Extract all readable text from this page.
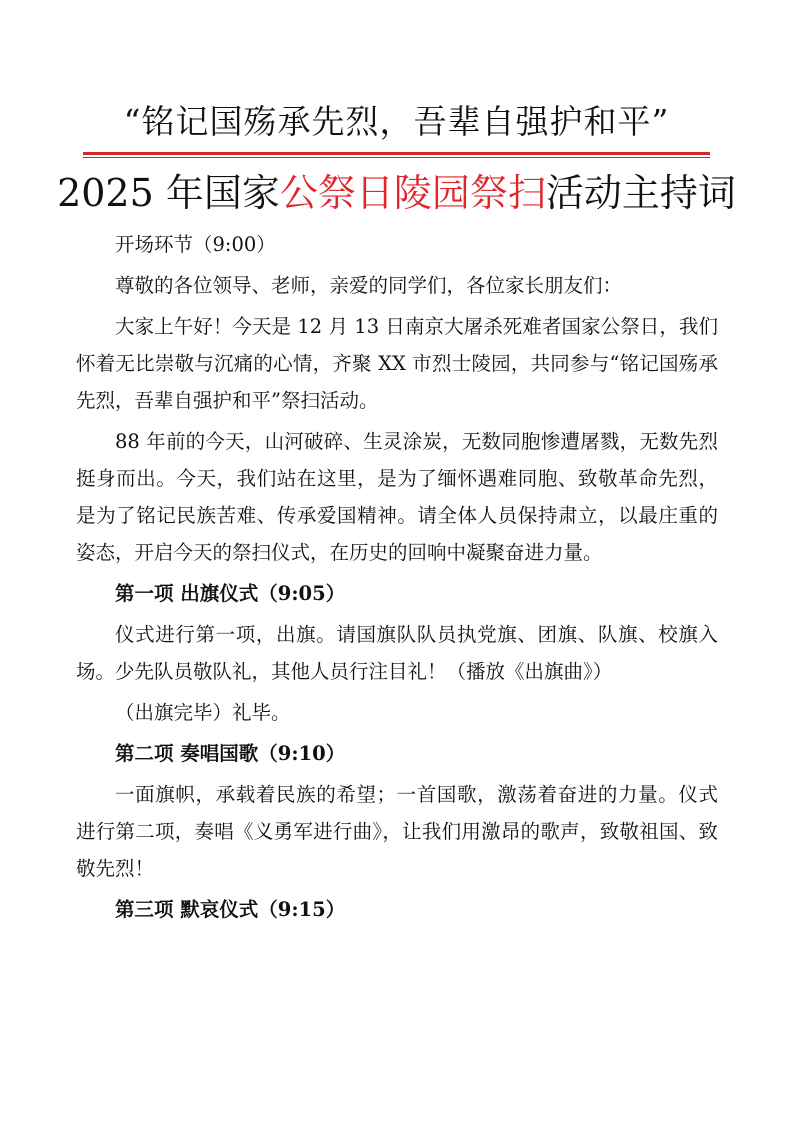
“铭记国殇承先烈，吾辈自强护和平”
2025 年国家公祭日陵园祭扫活动主持词
开场环节（9:00）

尊敬的各位领导、老师，亲爱的同学们，各位家长朋友们：

大家上午好！今天是 12 月 13 日南京大屠杀死难者国家公祭日，我们怀着无比崇敬与沉痛的心情，齐聚 XX 市烈士陵园，共同参与“铭记国殇承先烈，吾辈自强护和平”祭扫活动。

88 年前的今天，山河破碎、生灵涂炭，无数同胞惨遭屠戮，无数先烈挺身而出。今天，我们站在这里，是为了缅怀遇难同胞、致敬革命先烈，是为了铭记民族苦难、传承爱国精神。请全体人员保持肃立，以最庄重的姿态，开启今天的祭扫仪式，在历史的回响中凝聚奋进力量。

第一项 出旗仪式（9:05）

仪式进行第一项，出旗。请国旗队队员执党旗、团旗、队旗、校旗入场。少先队员敬队礼，其他人员行注目礼！（播放《出旗曲》）

（出旗完毕）礼毕。

第二项 奏唱国歌（9:10）

一面旗帜，承载着民族的希望；一首国歌，激荡着奋进的力量。仪式进行第二项，奏唱《义勇军进行曲》，让我们用激昂的歌声，致敬祖国、致敬先烈！

第三项 默哀仪式（9:15）
